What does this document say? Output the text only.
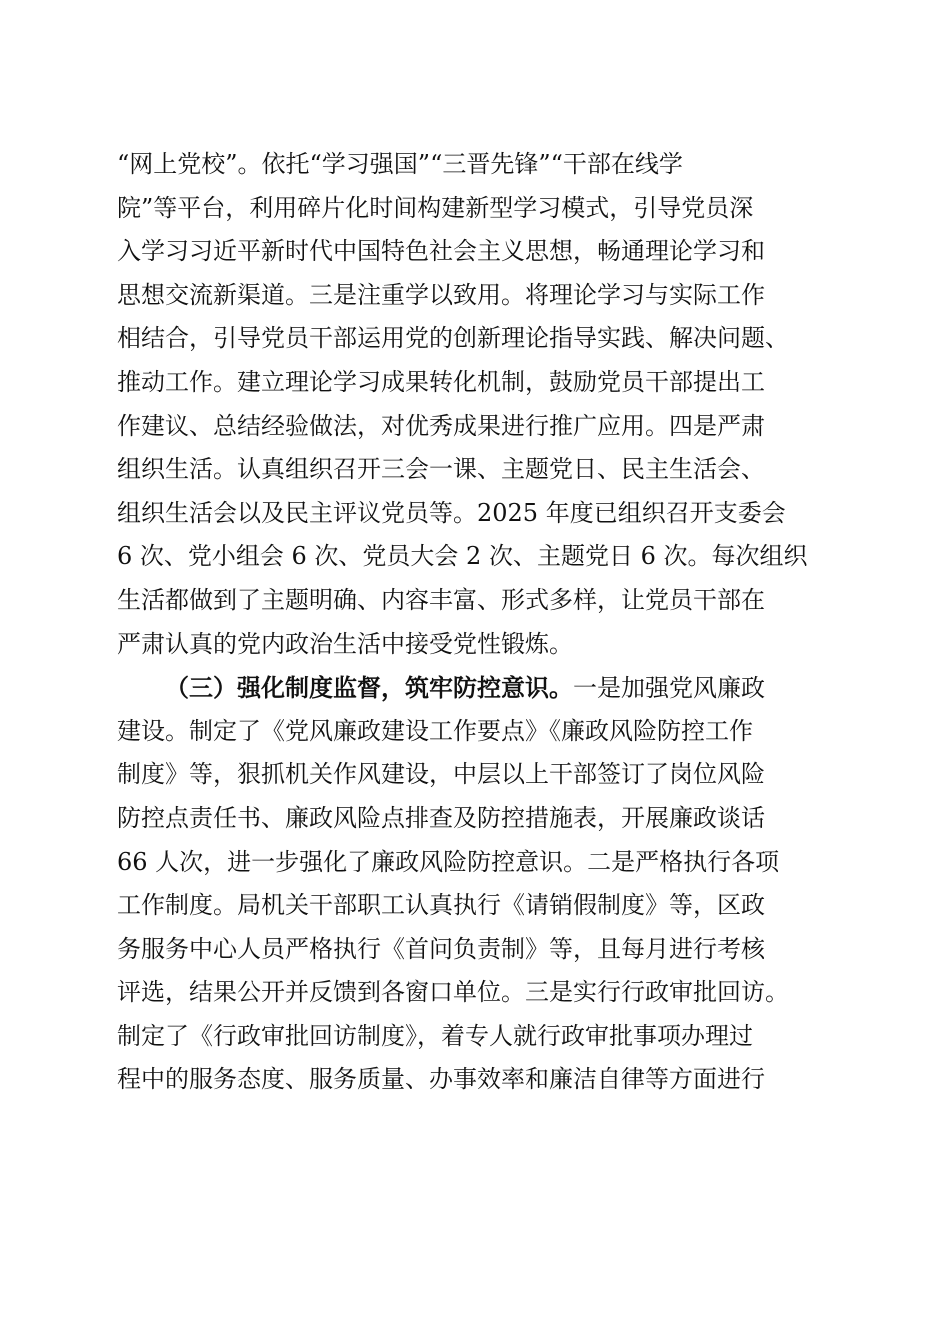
“网上党校”。依托“学习强国”“三晋先锋”“干部在线学
院”等平台，利用碎片化时间构建新型学习模式，引导党员深
入学习习近平新时代中国特色社会主义思想，畅通理论学习和
思想交流新渠道。三是注重学以致用。将理论学习与实际工作
相结合，引导党员干部运用党的创新理论指导实践、解决问题、
推动工作。建立理论学习成果转化机制，鼓励党员干部提出工
作建议、总结经验做法，对优秀成果进行推广应用。四是严肃
组织生活。认真组织召开三会一课、主题党日、民主生活会、
组织生活会以及民主评议党员等。2025 年度已组织召开支委会
6 次、党小组会 6 次、党员大会 2 次、主题党日 6 次。每次组织
生活都做到了主题明确、内容丰富、形式多样，让党员干部在
严肃认真的党内政治生活中接受党性锻炼。
（三）强化制度监督，筑牢防控意识。一是加强党风廉政
建设。制定了《党风廉政建设工作要点》《廉政风险防控工作
制度》等，狠抓机关作风建设，中层以上干部签订了岗位风险
防控点责任书、廉政风险点排查及防控措施表，开展廉政谈话
66 人次，进一步强化了廉政风险防控意识。二是严格执行各项
工作制度。局机关干部职工认真执行《请销假制度》等，区政
务服务中心人员严格执行《首问负责制》等，且每月进行考核
评选，结果公开并反馈到各窗口单位。三是实行行政审批回访。
制定了《行政审批回访制度》，着专人就行政审批事项办理过
程中的服务态度、服务质量、办事效率和廉洁自律等方面进行
